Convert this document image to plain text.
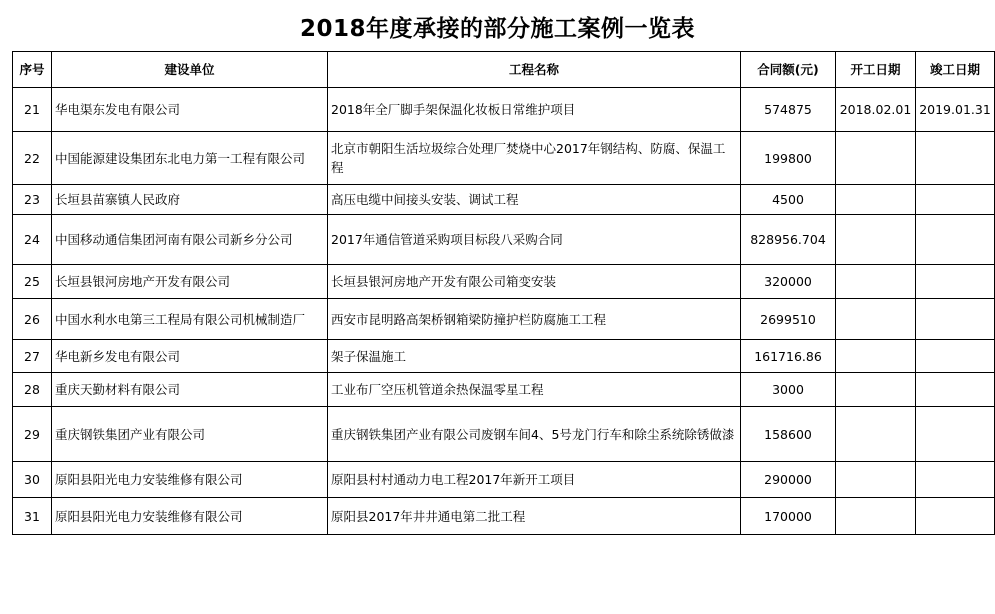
2018年度承接的部分施工案例一览表
序号	建设单位	工程名称	合同额(元)	开工日期	竣工日期
21	华电渠东发电有限公司	2018年全厂脚手架保温化妆板日常维护项目	574875	2018.02.01	2019.01.31
22	中国能源建设集团东北电力第一工程有限公司	北京市朝阳生活垃圾综合处理厂焚烧中心2017年钢结构、防腐、保温工程	199800		
23	长垣县苗寨镇人民政府	高压电缆中间接头安装、调试工程	4500		
24	中国移动通信集团河南有限公司新乡分公司	2017年通信管道采购项目标段八采购合同	828956.704		
25	长垣县银河房地产开发有限公司	长垣县银河房地产开发有限公司箱变安装	320000		
26	中国水利水电第三工程局有限公司机械制造厂	西安市昆明路高架桥钢箱梁防撞护栏防腐施工工程	2699510		
27	华电新乡发电有限公司	架子保温施工	161716.86		
28	重庆天勤材料有限公司	工业布厂空压机管道余热保温零星工程	3000		
29	重庆钢铁集团产业有限公司	重庆钢铁集团产业有限公司废钢车间4、5号龙门行车和除尘系统除锈做漆	158600		
30	原阳县阳光电力安装维修有限公司	原阳县村村通动力电工程2017年新开工项目	290000		
31	原阳县阳光电力安装维修有限公司	原阳县2017年井井通电第二批工程	170000		
